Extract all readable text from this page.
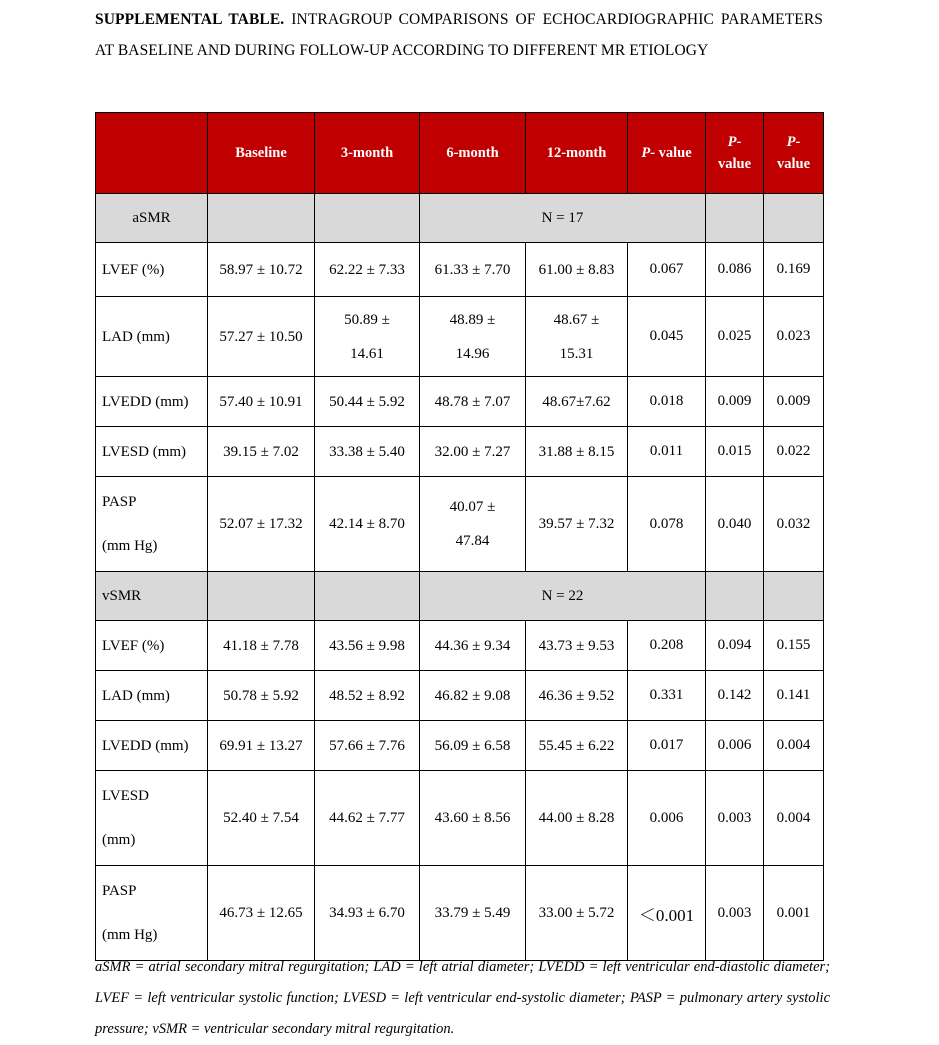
SUPPLEMENTAL TABLE. INTRAGROUP COMPARISONS OF ECHOCARDIOGRAPHIC PARAMETERS AT BASELINE AND DURING FOLLOW-UP ACCORDING TO DIFFERENT MR ETIOLOGY
	Baseline	3-month	6-month	12-month	P- value	P-
value	P-
value
aSMR			N = 17				
LVEF (%)	58.97 ± 10.72	62.22 ± 7.33	61.33 ± 7.70	61.00 ± 8.83	0.067	0.086	0.169
LAD (mm)	57.27 ± 10.50	50.89 ±
14.61	48.89 ±
14.96	48.67 ±
15.31	0.045	0.025	0.023
LVEDD (mm)	57.40 ± 10.91	50.44 ± 5.92	48.78 ± 7.07	48.67±7.62	0.018	0.009	0.009
LVESD (mm)	39.15 ± 7.02	33.38 ± 5.40	32.00 ± 7.27	31.88 ± 8.15	0.011	0.015	0.022

PASP

(mm Hg)	52.07 ± 17.32	42.14 ± 8.70	40.07 ±
47.84	39.57 ± 7.32	0.078	0.040	0.032
vSMR			N = 22				
LVEF (%)	41.18 ± 7.78	43.56 ± 9.98	44.36 ± 9.34	43.73 ± 9.53	0.208	0.094	0.155
LAD (mm)	50.78 ± 5.92	48.52 ± 8.92	46.82 ± 9.08	46.36 ± 9.52	0.331	0.142	0.141
LVEDD (mm)	69.91 ± 13.27	57.66 ± 7.76	56.09 ± 6.58	55.45 ± 6.22	0.017	0.006	0.004

LVESD

(mm)	52.40 ± 7.54	44.62 ± 7.77	43.60 ± 8.56	44.00 ± 8.28	0.006	0.003	0.004

PASP

(mm Hg)	46.73 ± 12.65	34.93 ± 6.70	33.79 ± 5.49	33.00 ± 5.72	＜0.001	0.003	0.001
aSMR = atrial secondary mitral regurgitation; LAD = left atrial diameter; LVEDD = left ventricular end-diastolic diameter; LVEF = left ventricular systolic function; LVESD = left ventricular end-systolic diameter; PASP = pulmonary artery systolic pressure; vSMR = ventricular secondary mitral regurgitation.
